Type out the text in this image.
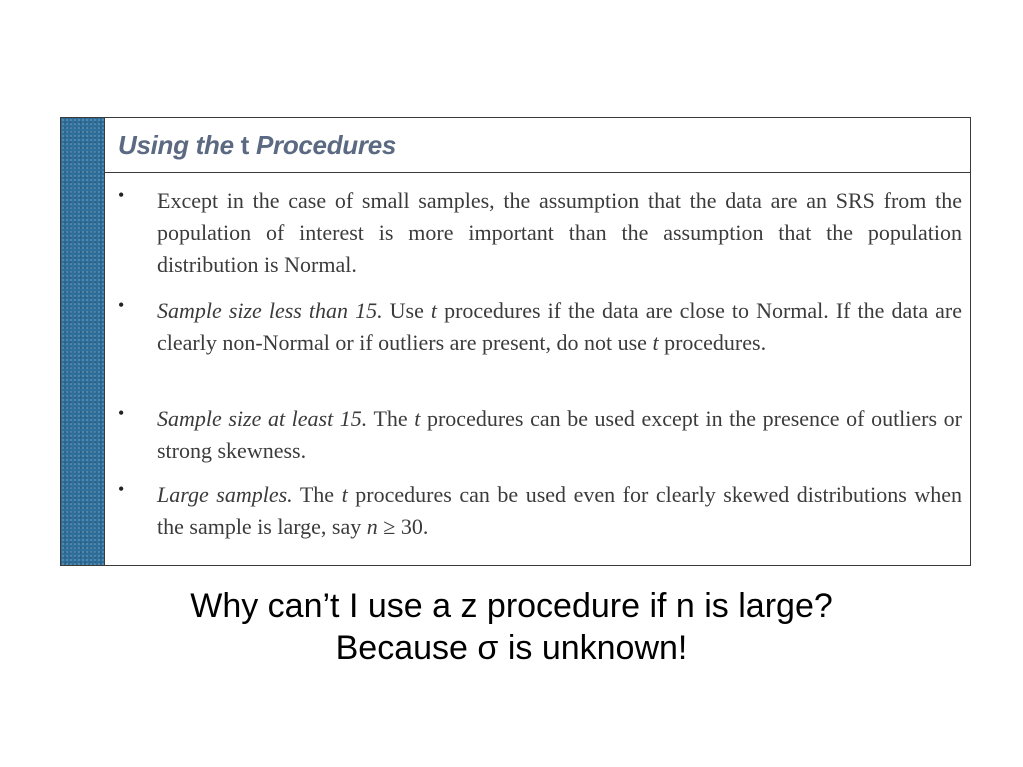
Using the t Procedures
• Except in the case of small samples, the assumption that the data are an SRS from the population of interest is more important than the assumption that the population distribution is Normal.
• Sample size less than 15. Use t procedures if the data are close to Normal. If the data are clearly non-Normal or if outliers are present, do not use t procedures.
• Sample size at least 15. The t procedures can be used except in the presence of outliers or strong skewness.
• Large samples. The t procedures can be used even for clearly skewed distributions when the sample is large, say n ≥ 30.
Why can’t I use a z procedure if n is large?
Because σ is unknown!
